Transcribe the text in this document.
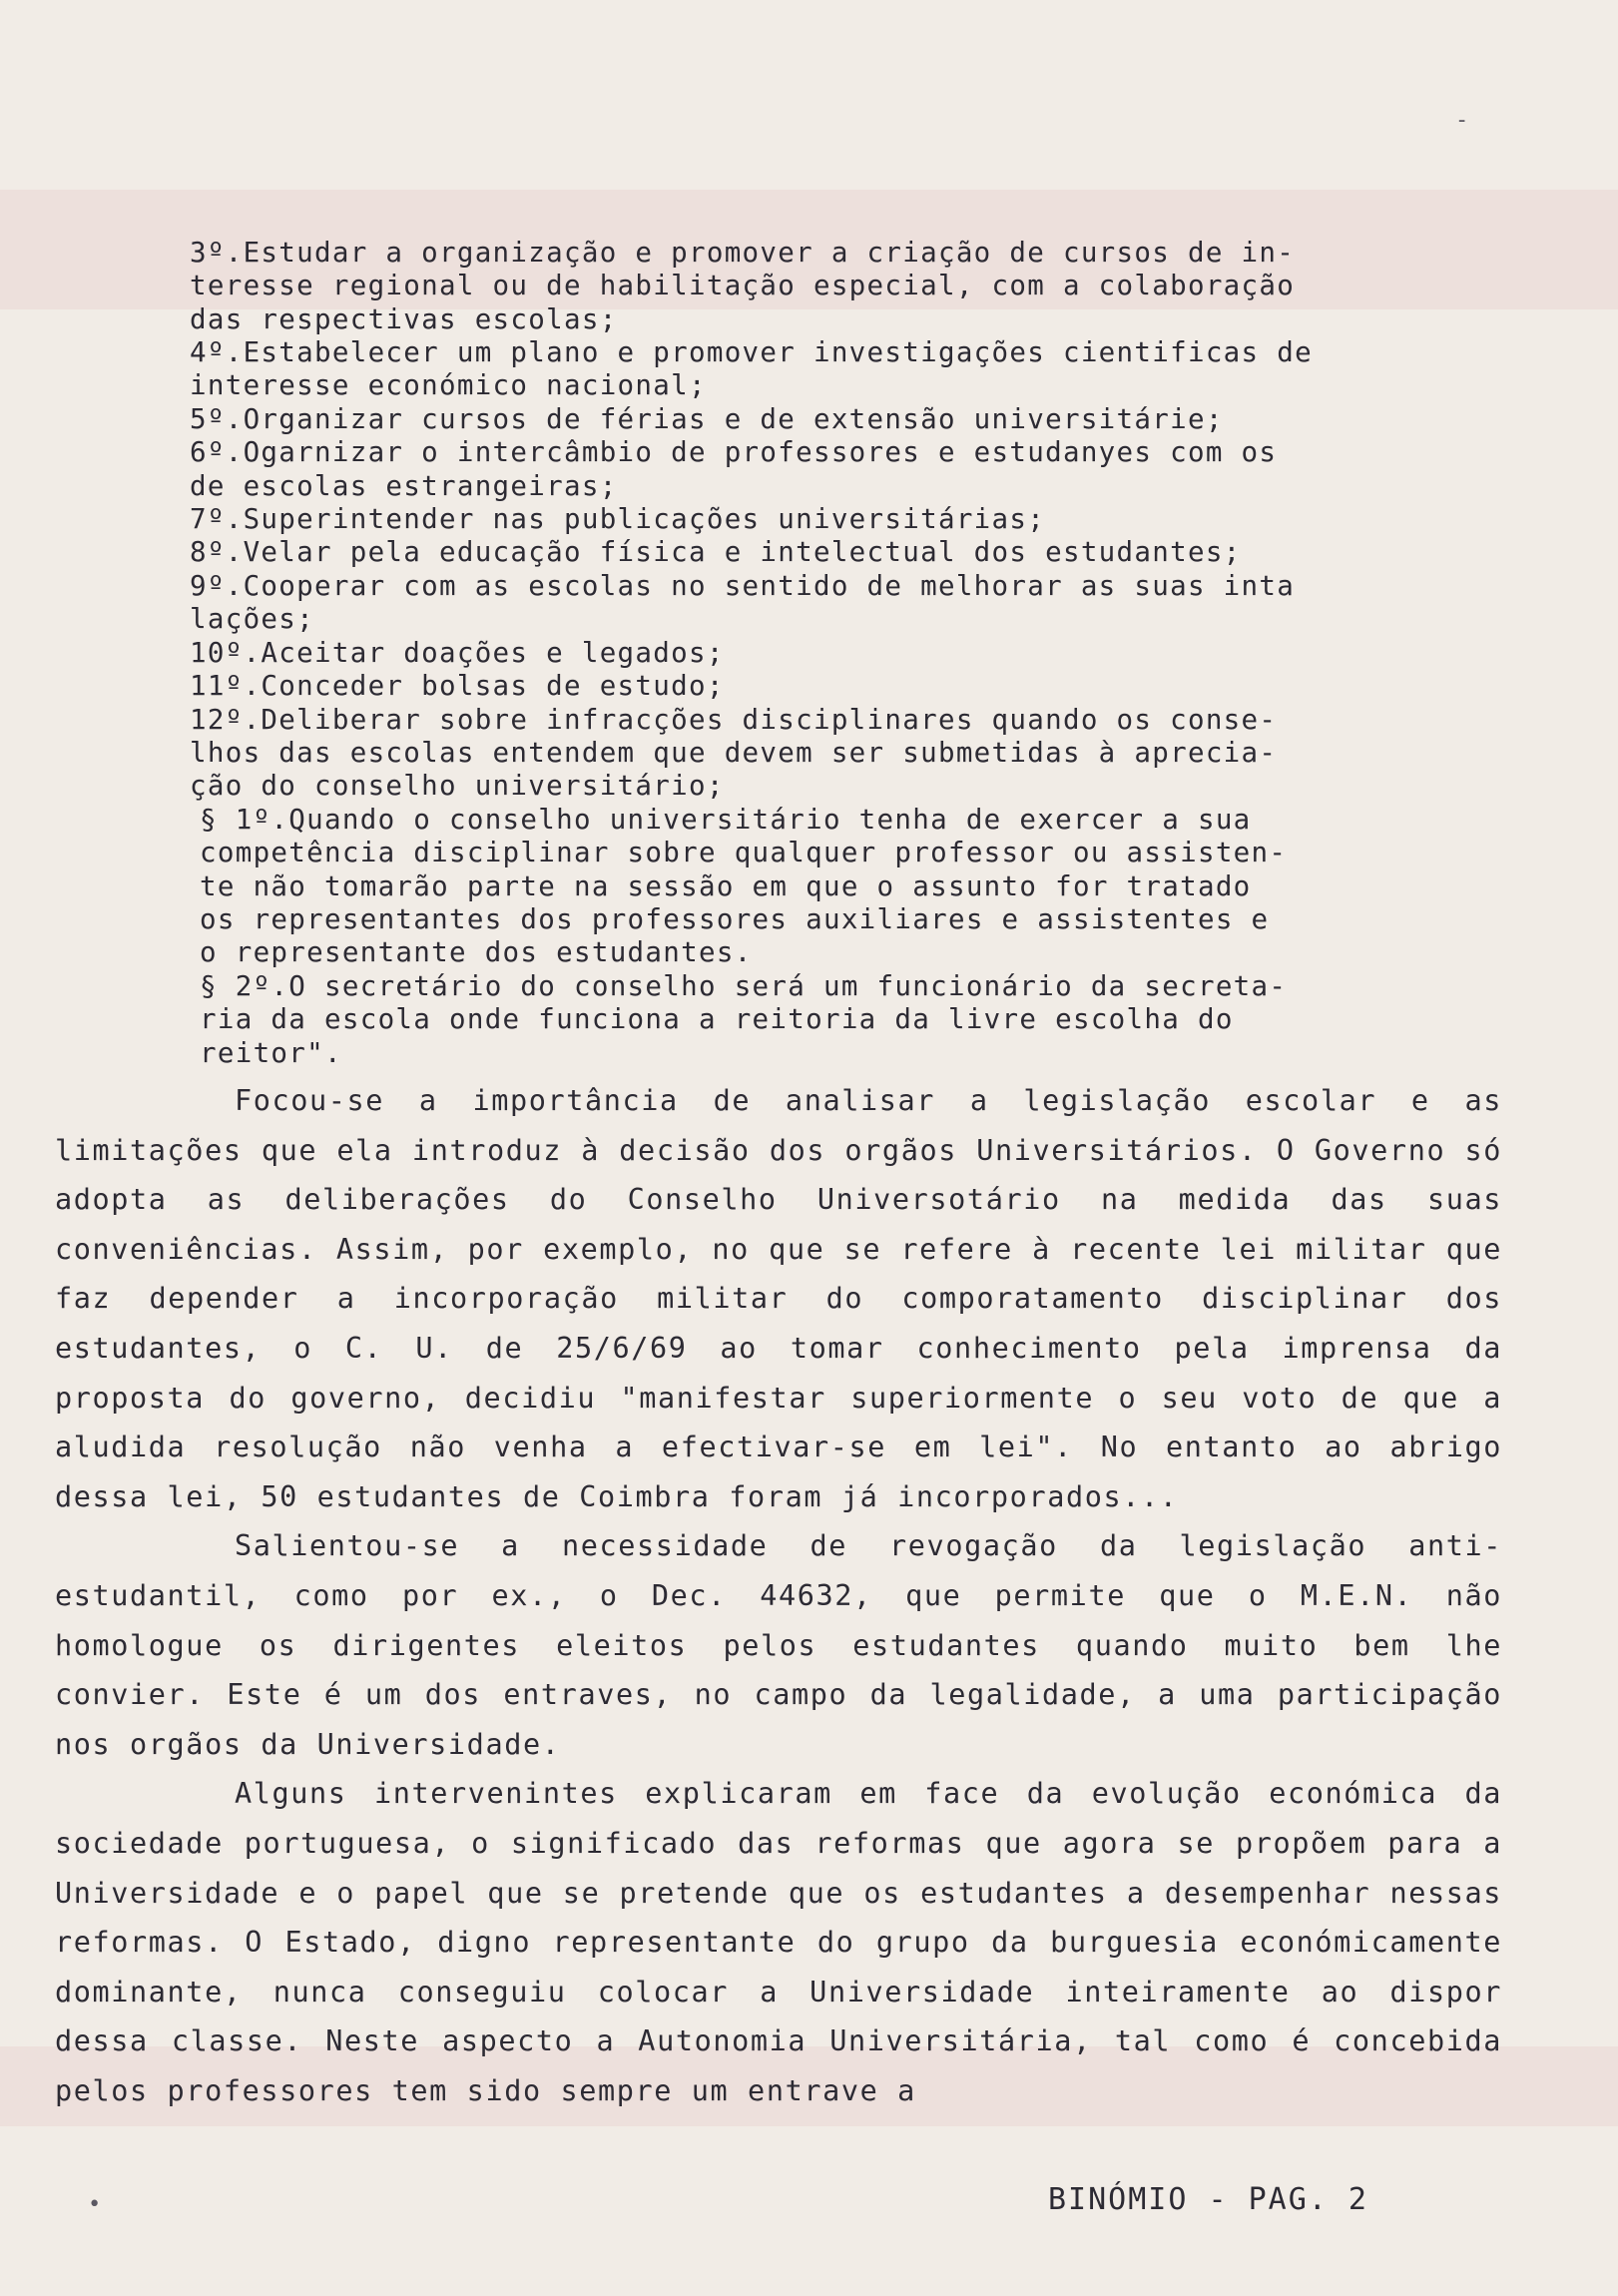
3º.Estudar a organização e promover a criação de cursos de in-
teresse regional ou de habilitação especial, com a colaboração
das respectivas escolas;
4º.Estabelecer um plano e promover investigações cientificas de
interesse económico nacional;
5º.Organizar cursos de férias e de extensão universitárie;
6º.Ogarnizar o intercâmbio de professores e estudanyes com os
de escolas estrangeiras;
7º.Superintender nas publicações universitárias;
8º.Velar pela educação física e intelectual dos estudantes;
9º.Cooperar com as escolas no sentido de melhorar as suas inta
lações;
10º.Aceitar doações e legados;
11º.Conceder bolsas de estudo;
12º.Deliberar sobre infracções disciplinares quando os conse-
lhos das escolas entendem que devem ser submetidas à aprecia-
ção do conselho universitário;
§ 1º.Quando o conselho universitário tenha de exercer a sua
competência disciplinar sobre qualquer professor ou assisten-
te não tomarão parte na sessão em que o assunto for tratado
os representantes dos professores auxiliares e assistentes e
o representante dos estudantes.
§ 2º.O secretário do conselho será um funcionário da secreta-
ria da escola onde funciona a reitoria da livre escolha do
reitor".

Focou-se a importância de analisar a legislação escolar e as limitações que ela introduz à decisão dos orgãos Universitários. O Governo só adopta as deliberações do Conselho Universotário na medida das suas conveniências. Assim, por exemplo, no que se refere à recente lei militar que faz depender a incorporação militar do comporatamento disciplinar dos estudantes, o C. U. de 25/6/69 ao tomar conhecimento pela imprensa da proposta do governo, decidiu "manifestar superiormente o seu voto de que a aludida resolução não venha a efectivar-se em lei". No entanto ao abrigo dessa lei, 50 estudantes de Coimbra foram já incorporados...

Salientou-se a necessidade de revogação da legislação anti-estudantil, como por ex., o Dec. 44632, que permite que o M.E.N. não homologue os dirigentes eleitos pelos estudantes quando muito bem lhe convier. Este é um dos entraves, no campo da legalidade, a uma participação nos orgãos da Universidade.

Alguns intervenintes explicaram em face da evolução económica da sociedade portuguesa, o significado das reformas que agora se propõem para a Universidade e o papel que se pretende que os estudantes a desempenhar nessas reformas. O Estado, digno representante do grupo da burguesia económicamente dominante, nunca conseguiu colocar a Universidade inteiramente ao dispor dessa classe. Neste aspecto a Autonomia Universitária, tal como é concebida pelos professores tem sido sempre um entrave a

BINÓMIO - PAG. 2
-
•
